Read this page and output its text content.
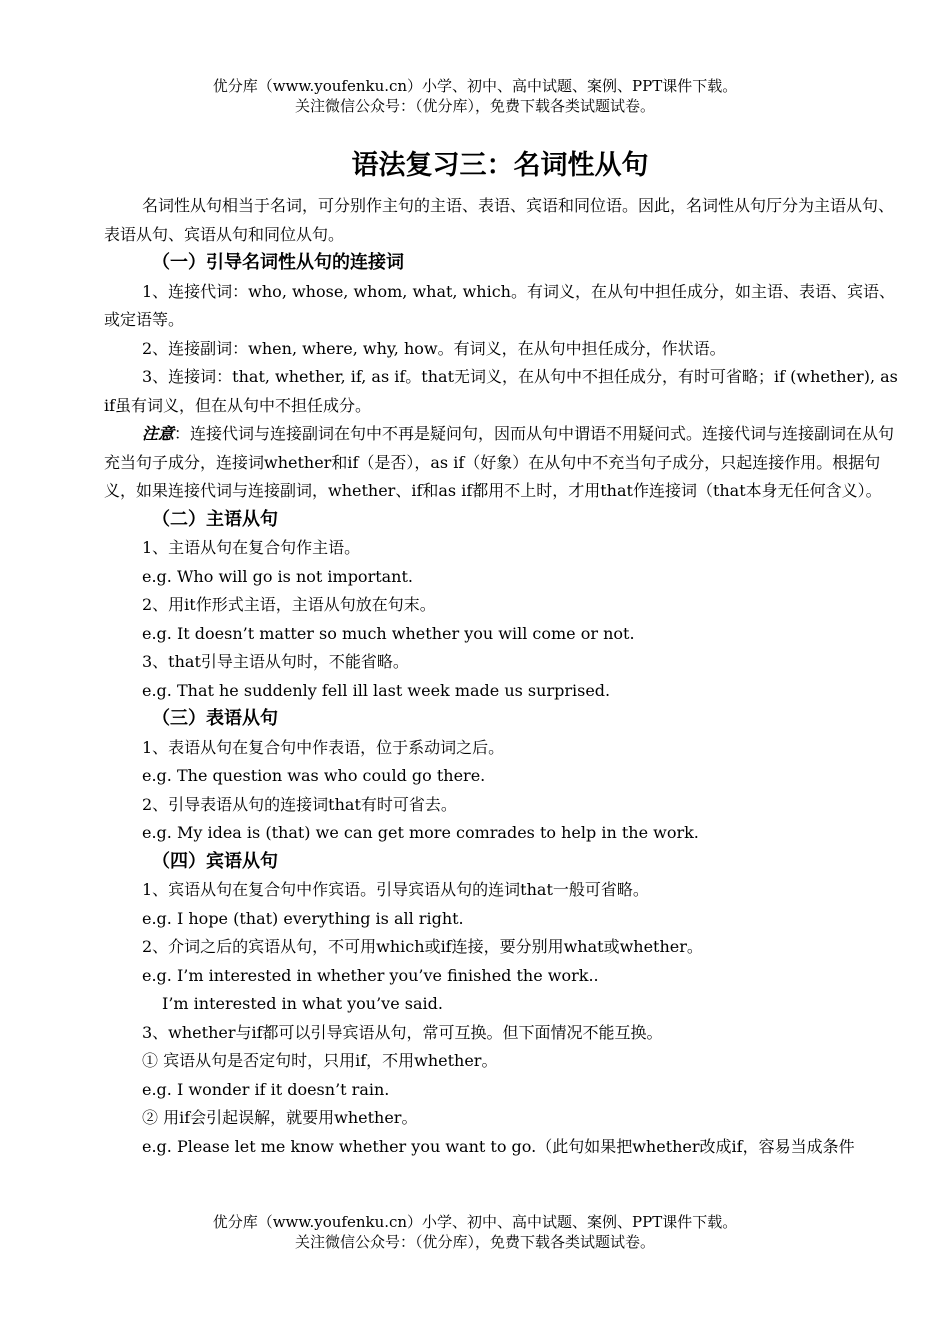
优分库（www.youfenku.cn）小学、初中、高中试题、案例、PPT课件下载。
关注微信公众号：（优分库），免费下载各类试题试卷。
语法复习三：名词性从句

名词性从句相当于名词，可分别作主句的主语、表语、宾语和同位语。因此，名词性从句厅分为主语从句、表语从句、宾语从句和同位从句。

（一）引导名词性从句的连接词

1、连接代词：who, whose, whom, what, which。有词义，在从句中担任成分，如主语、表语、宾语、或定语等。

2、连接副词：when, where, why, how。有词义，在从句中担任成分，作状语。

3、连接词：that, whether, if, as if。that无词义，在从句中不担任成分，有时可省略；if (whether), as if虽有词义，但在从句中不担任成分。

注意：连接代词与连接副词在句中不再是疑问句，因而从句中谓语不用疑问式。连接代词与连接副词在从句充当句子成分，连接词whether和if（是否），as if（好象）在从句中不充当句子成分，只起连接作用。根据句义，如果连接代词与连接副词，whether、if和as if都用不上时，才用that作连接词（that本身无任何含义）。

（二）主语从句

1、主语从句在复合句作主语。

e.g. Who will go is not important.

2、用it作形式主语，主语从句放在句末。

e.g. It doesn’t matter so much whether you will come or not.

3、that引导主语从句时，不能省略。

e.g. That he suddenly fell ill last week made us surprised.

（三）表语从句

1、表语从句在复合句中作表语，位于系动词之后。

e.g. The question was who could go there.

2、引导表语从句的连接词that有时可省去。

e.g. My idea is (that) we can get more comrades to help in the work.

（四）宾语从句

1、宾语从句在复合句中作宾语。引导宾语从句的连词that一般可省略。

e.g. I hope (that) everything is all right.

2、介词之后的宾语从句，不可用which或if连接，要分别用what或whether。

e.g. I’m interested in whether you’ve finished the work..

I’m interested in what you’ve said.

3、whether与if都可以引导宾语从句，常可互换。但下面情况不能互换。

① 宾语从句是否定句时，只用if，不用whether。

e.g. I wonder if it doesn’t rain.

② 用if会引起误解，就要用whether。

e.g. Please let me know whether you want to go.（此句如果把whether改成if，容易当成条件

优分库（www.youfenku.cn）小学、初中、高中试题、案例、PPT课件下载。
关注微信公众号：（优分库），免费下载各类试题试卷。
